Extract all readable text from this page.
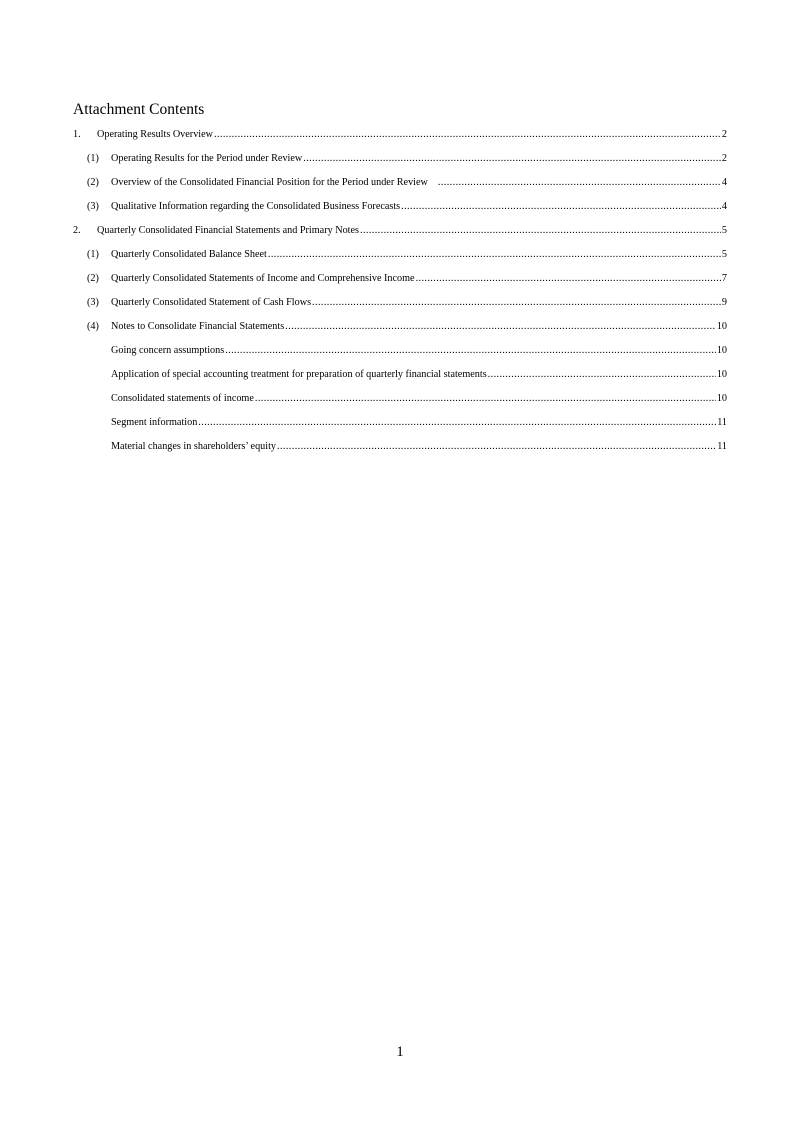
Attachment Contents
1.	Operating Results Overview .....	2
(1)	Operating Results for the Period under Review .....	2
(2)	Overview of the Consolidated Financial Position for the Period under Review .....	4
(3)	Qualitative Information regarding the Consolidated Business Forecasts .....	4
2.	Quarterly Consolidated Financial Statements and Primary Notes .....	5
(1)	Quarterly Consolidated Balance Sheet .....	5
(2)	Quarterly Consolidated Statements of Income and Comprehensive Income .....	7
(3)	Quarterly Consolidated Statement of Cash Flows .....	9
(4)	Notes to Consolidate Financial Statements .....	10
Going concern assumptions .....	10
Application of special accounting treatment for preparation of quarterly financial statements .....	10
Consolidated statements of income .....	10
Segment information .....	11
Material changes in shareholders’ equity .....	11
1
